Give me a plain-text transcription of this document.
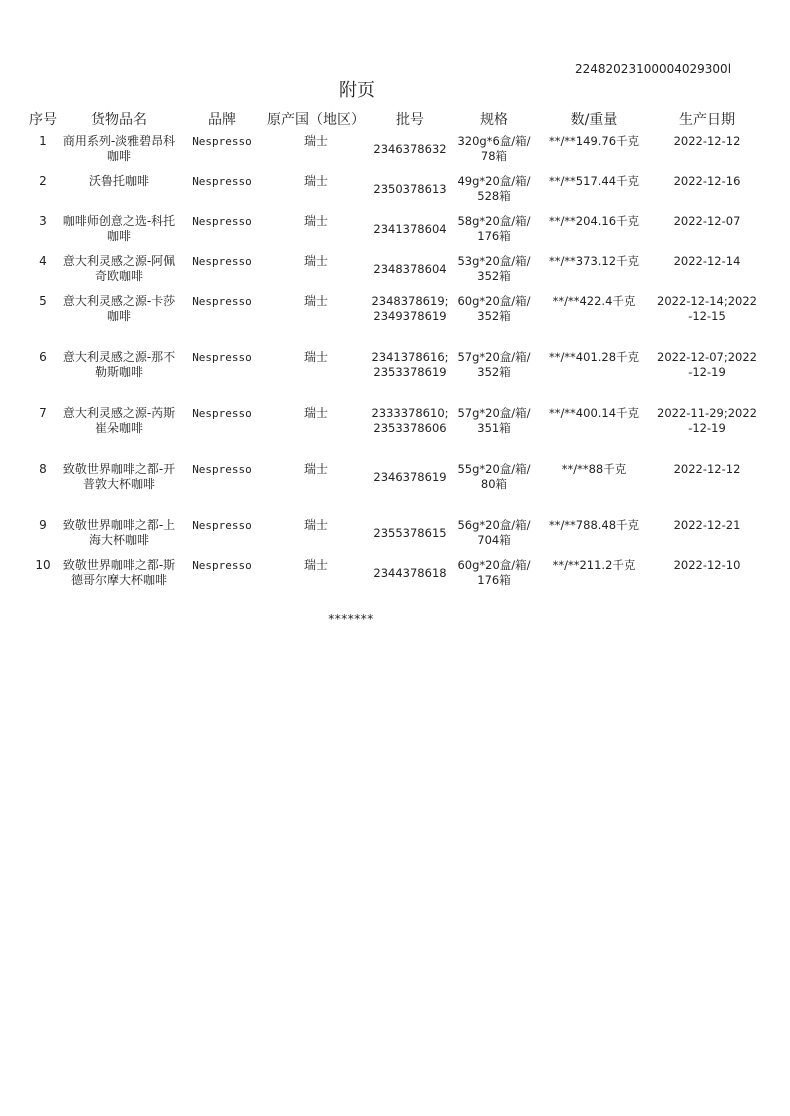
22482023100004029300l
附页
序号	货物品名	品牌	原产国（地区）	批号	规格	数/重量	生产日期
1	商用系列-淡雅碧昂科咖啡	Nespresso	瑞士	2346378632	320g*6盒/箱/78箱	**/**149.76千克	2022-12-12
2	沃鲁托咖啡	Nespresso	瑞士	2350378613	49g*20盒/箱/528箱	**/**517.44千克	2022-12-16
3	咖啡师创意之选-科托咖啡	Nespresso	瑞士	2341378604	58g*20盒/箱/176箱	**/**204.16千克	2022-12-07
4	意大利灵感之源-阿佩奇欧咖啡	Nespresso	瑞士	2348378604	53g*20盒/箱/352箱	**/**373.12千克	2022-12-14
5	意大利灵感之源-卡莎咖啡	Nespresso	瑞士	2348378619;2349378619	60g*20盒/箱/352箱	**/**422.4千克	2022-12-14;2022-12-15
6	意大利灵感之源-那不勒斯咖啡	Nespresso	瑞士	2341378616;2353378619	57g*20盒/箱/352箱	**/**401.28千克	2022-12-07;2022-12-19
7	意大利灵感之源-芮斯崔朵咖啡	Nespresso	瑞士	2333378610;2353378606	57g*20盒/箱/351箱	**/**400.14千克	2022-11-29;2022-12-19
8	致敬世界咖啡之都-开普敦大杯咖啡	Nespresso	瑞士	2346378619	55g*20盒/箱/80箱	**/**88千克	2022-12-12
9	致敬世界咖啡之都-上海大杯咖啡	Nespresso	瑞士	2355378615	56g*20盒/箱/704箱	**/**788.48千克	2022-12-21
10	致敬世界咖啡之都-斯德哥尔摩大杯咖啡	Nespresso	瑞士	2344378618	60g*20盒/箱/176箱	**/**211.2千克	2022-12-10
*******
